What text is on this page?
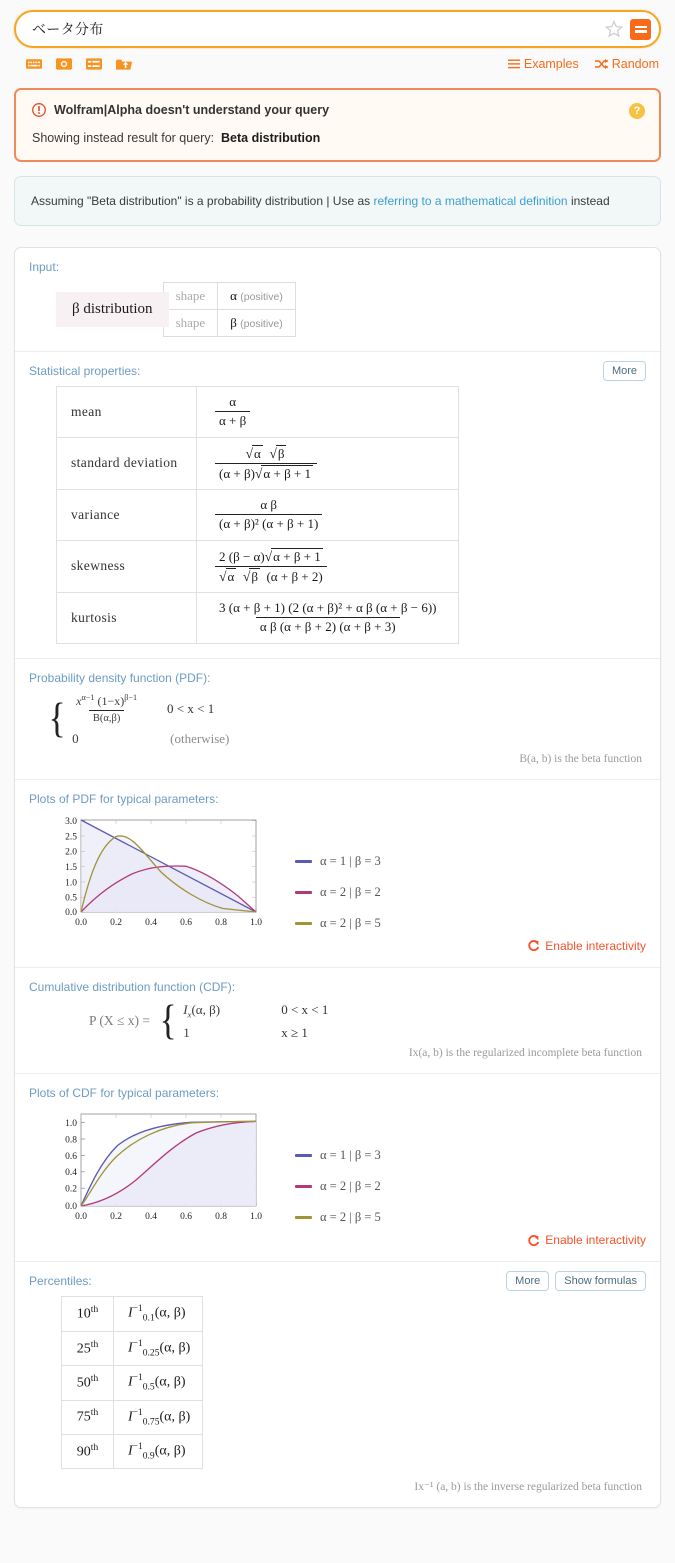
ベータ分布
Examples	Random
Wolfram|Alpha doesn't understand your query
Showing instead result for query: Beta distribution
?
Assuming "Beta distribution" is a probability distribution | Use as referring to a mathematical definition instead
Input:
β distribution
shape	α (positive)
shape	β (positive)
Statistical properties:	More
mean	$\frac{\alpha}{\alpha + \beta}$

standard deviation	√ α
√ β
(α + β) √ α + β + 1

variance	$\frac{\text{α β}}{\text{(α + β)² (α + β + 1)}}$

skewness	2 (β − α) √ α + β + 1
√ α
√ β (α + β + 2)

kurtosis	$\frac{\text{3 (α + β + 1) (2 (α + β)² + α β (α + β − 6))}}{\text{α β (α + β + 2) (α + β + 3)}}$
Probability density function (PDF):
{ $\frac{x^{\alpha-1} (1-x)^{\beta-1}}{B(\alpha,\beta)} 0 < x < 1$
0	(otherwise)
B(a, b) is the beta function
Plots of PDF for typical parameters:
3.0
2.5
2.0
1.5
1.0
0.5
0.0
0.0 0.2 0.4 0.6 0.8 1.0
α = 1 | β = 3
α = 2 | β = 2
α = 2 | β = 5
Enable interactivity
Cumulative distribution function (CDF):
P (X ≤ x) = { $I_x(\alpha$, β)	0 < x < 1
1	x ≥ 1
Ix(a, b) is the regularized incomplete beta function
Plots of CDF for typical parameters:
1.0
0.8
0.6
0.4
0.2
0.0
0.0 0.2 0.4 0.6 0.8 1.0
α = 1 | β = 3
α = 2 | β = 2
α = 2 | β = 5
Enable interactivity
Percentiles:	More	Show formulas
10th	$I^{-1}_{0.1}(\alpha$, β)
25th	$I^{-1}_{0.25}(\alpha$, β)
50th	$I^{-1}_{0.5}(\alpha$, β)
75th	$I^{-1}_{0.75}(\alpha$, β)
90th	$I^{-1}_{0.9}(\alpha$, β)
Ix⁻¹ (a, b) is the inverse regularized beta function
